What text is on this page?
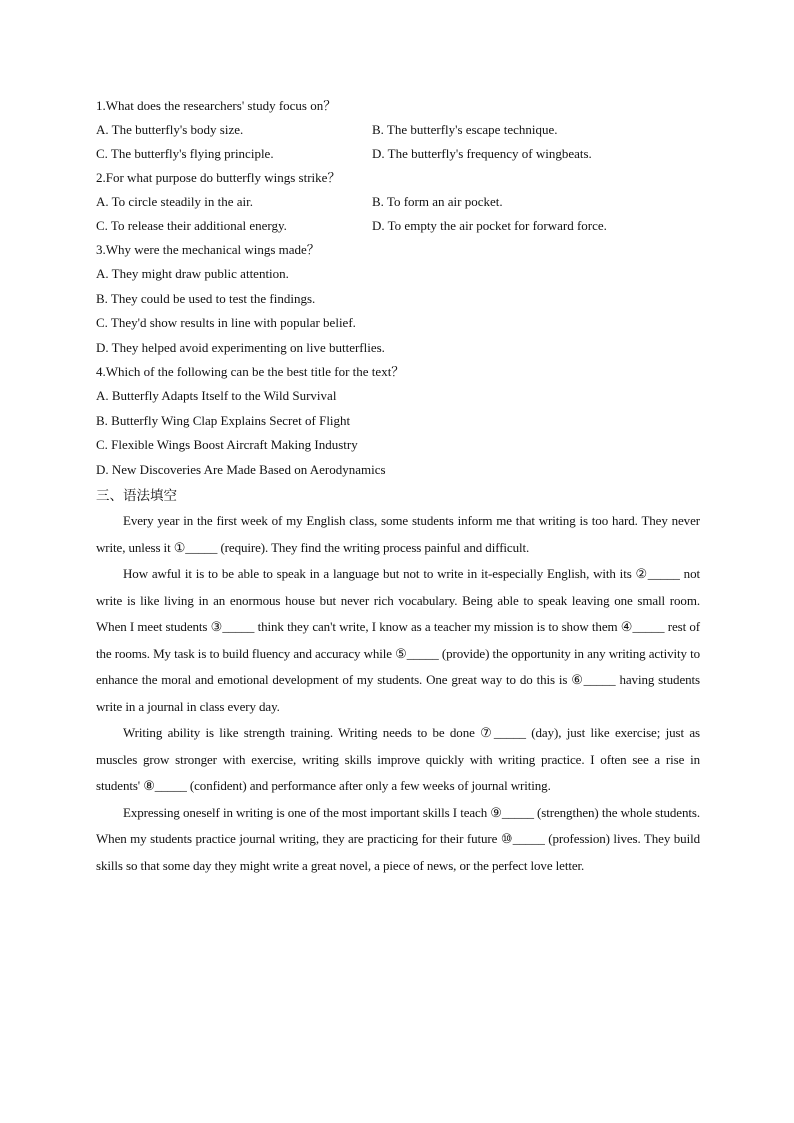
1.What does the researchers' study focus on？
A. The butterfly's body size.	B. The butterfly's escape technique.
C. The butterfly's flying principle.	D. The butterfly's frequency of wingbeats.
2.For what purpose do butterfly wings strike？
A. To circle steadily in the air.	B. To form an air pocket.
C. To release their additional energy.	D. To empty the air pocket for forward force.
3.Why were the mechanical wings made？
A. They might draw public attention.
B. They could be used to test the findings.
C. They'd show results in line with popular belief.
D. They helped avoid experimenting on live butterflies.
4.Which of the following can be the best title for the text？
A. Butterfly Adapts Itself to the Wild Survival
B. Butterfly Wing Clap Explains Secret of Flight
C. Flexible Wings Boost Aircraft Making Industry
D. New Discoveries Are Made Based on Aerodynamics
三、语法填空

Every year in the first week of my English class, some students inform me that writing is too hard. They never write, unless it ①_____ (require). They find the writing process painful and difficult.

How awful it is to be able to speak in a language but not to write in it-especially English, with its ②_____ not write is like living in an enormous house but never rich vocabulary. Being able to speak leaving one small room. When I meet students ③_____ think they can't write, I know as a teacher my mission is to show them ④_____ rest of the rooms. My task is to build fluency and accuracy while ⑤_____ (provide) the opportunity in any writing activity to enhance the moral and emotional development of my students. One great way to do this is ⑥_____ having students write in a journal in class every day.

Writing ability is like strength training. Writing needs to be done ⑦_____ (day), just like exercise; just as muscles grow stronger with exercise, writing skills improve quickly with writing practice. I often see a rise in students' ⑧_____ (confident) and performance after only a few weeks of journal writing.

Expressing oneself in writing is one of the most important skills I teach ⑨_____ (strengthen) the whole students. When my students practice journal writing, they are practicing for their future ⑩_____ (profession) lives. They build skills so that some day they might write a great novel, a piece of news, or the perfect love letter.
